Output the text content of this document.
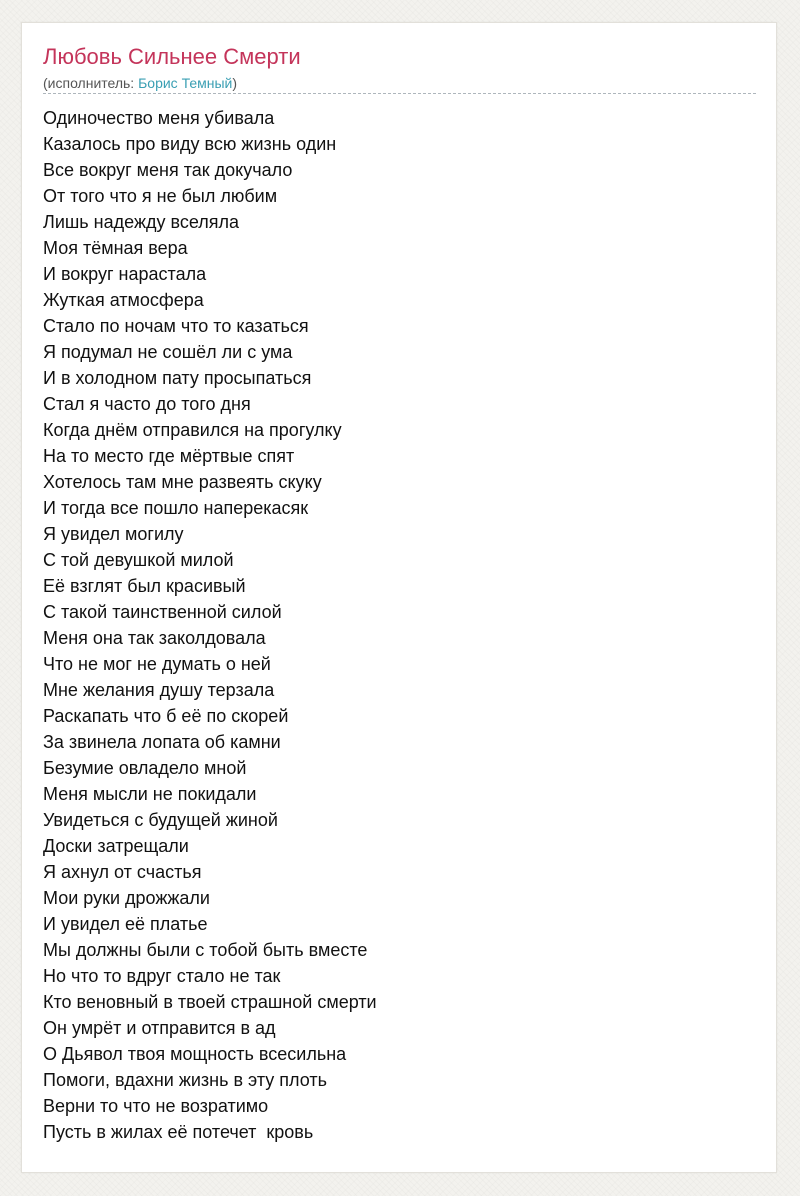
Любовь Сильнее Смерти
(исполнитель: Борис Темный)
Одиночество меня убивала
Казалось про виду всю жизнь один
Все вокруг меня так докучало
От того что я не был любим
Лишь надежду вселяла
Моя тёмная вера
И вокруг нарастала
Жуткая атмосфера
Стало по ночам что то казаться
Я подумал не сошёл ли с ума
И в холодном пату просыпаться
Стал я часто до того дня
Когда днём отправился на прогулку
На то место где мёртвые спят
Хотелось там мне развеять скуку
И тогда все пошло наперекасяк
Я увидел могилу
С той девушкой милой
Её взглят был красивый
С такой таинственной силой
Меня она так заколдовала
Что не мог не думать о ней
Мне желания душу терзала
Раскапать что б её по скорей
За звинела лопата об камни
Безумие овладело мной
Меня мысли не покидали
Увидеться с будущей жиной
Доски затрещали
Я ахнул от счастья
Мои руки дрожжали
И увидел её платье
Мы должны были с тобой быть вместе
Но что то вдруг стало не так
Кто веновный в твоей страшной смерти
Он умрёт и отправится в ад
О Дьявол твоя мощность всесильна
Помоги, вдахни жизнь в эту плоть
Верни то что не возратимо
Пусть в жилах её потечет  кровь
